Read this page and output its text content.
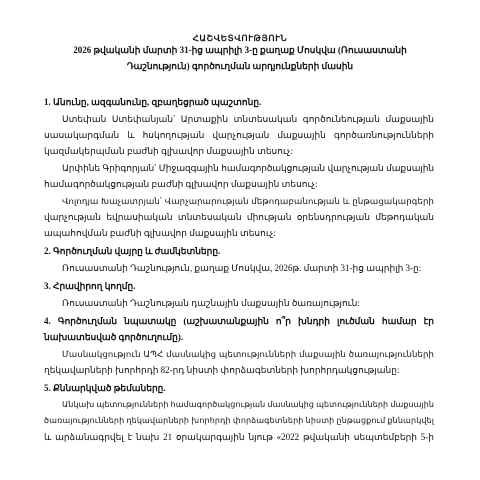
ՀԱՇՎԵՏՎՈՒԹՅՈՒՆ
2026 թվականի մարտի 31-ից ապրիլի 3-ը քաղաք Մոսկվա (Ռուսաստանի
Դաշնություն) գործուղման արդյունքների մասին
1. Անունը, ազգանունը, զբաղեցրած պաշտոնը.
Ստեփան Ստեփանյան՝ Արտաքին տնտեսական գործունեության մաքսային
սասակարգման և հսկողության վարչության մաքսային գործառնությունների
կազմակերպման բաժնի գլխավոր մաքսային տեսուչ:
Արփինե Գրիգորյան՝ Միջազգային համագործակցության վարչության մաքսային
համագործակցության բաժնի գլխավոր մաքսային տեսուչ:
Վոլոդյա Խաչատրյան՝ Վարչարարության մեթոդաբանության և ընթացակարգերի
վարչության եվրասիական տնտեսական միության օրենսդրության մեթոդական
ապահովման բաժնի գլխավոր մաքսային տեսուչ:
2. Գործուղման վայրը և ժամկետները.
Ռուսաստանի Դաշնություն, քաղաք Մոսկվա, 2026թ. մարտի 31-ից ապրիլի 3-ը:
3. Հրավիրող կողմը.
Ռուսաստանի Դաշնության դաշնային մաքսային ծառայություն:
4. Գործուղման նպատակը (աշխատանքային ո՞ր խնդրի լուծման համար էր
նախատեսված գործուղումը).
Մասնակցություն ԱՊՀ մասնակից պետությունների մաքսային ծառայությունների
ղեկավարների խորհրդի 82-րդ նիստի փորձագետների խորհրդակցությանը:
5. Քննարկված թեմաները.
Անկախ պետությունների համագործակցության մասնակից պետությունների մաքսային
ծառայությունների ղեկավարների խորհրդի փորձագետների նիստի ընթացքում քննարկվել
և արձանագրվել է նախ 21 օրակարգային նյութ «2022 թվականի սեպտեմբերի 5-ի
